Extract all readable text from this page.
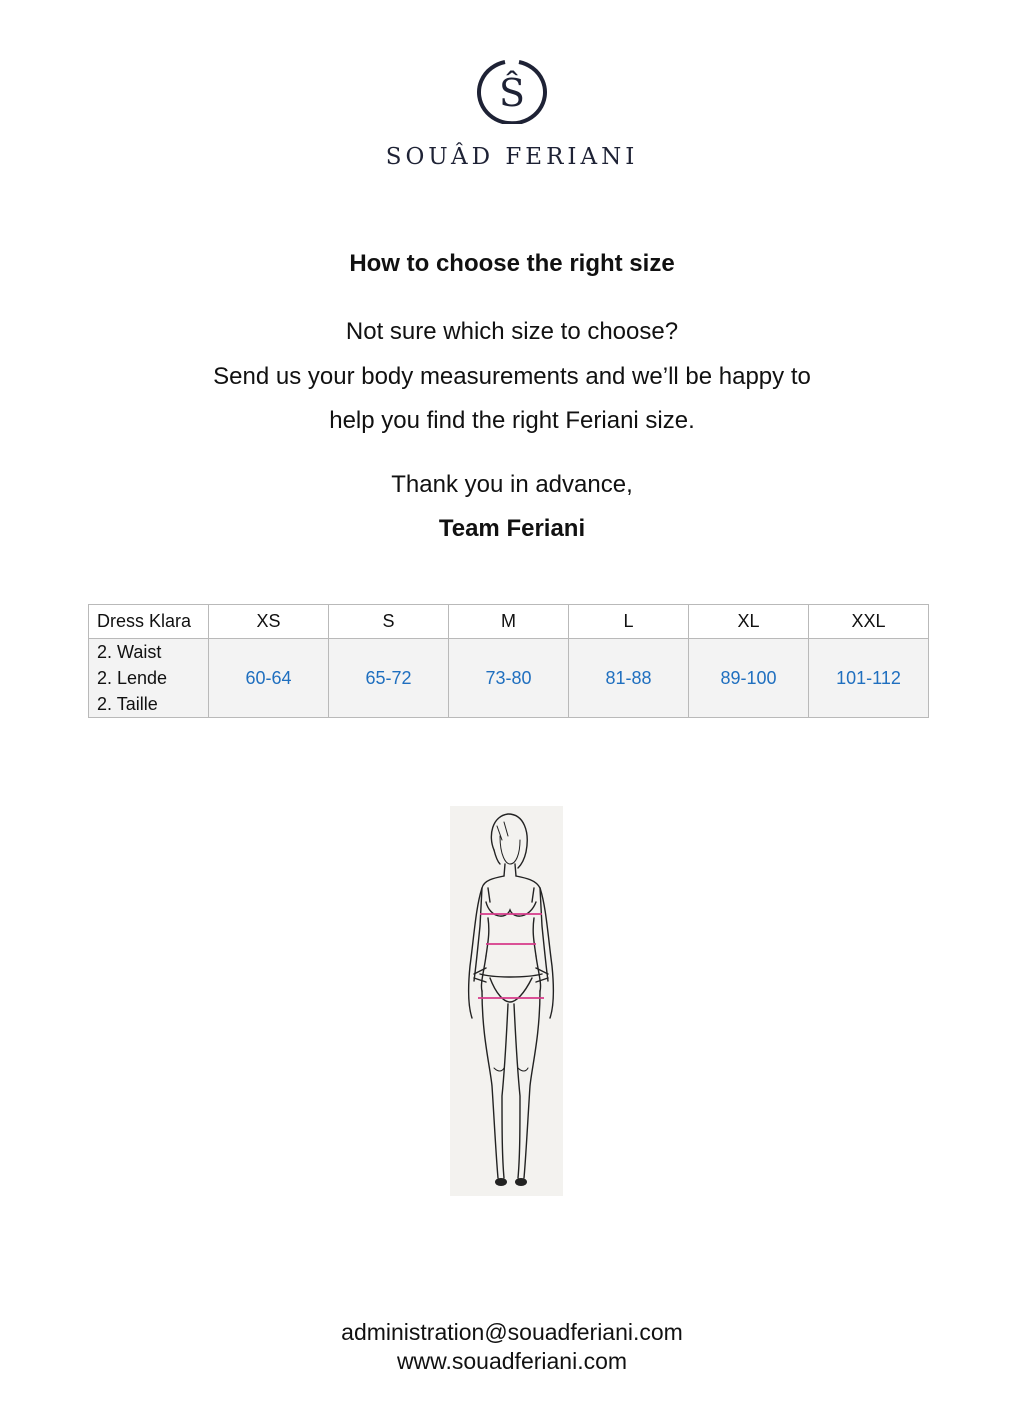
Ŝ
SOUÂD FERIANI
How to choose the right size
Not sure which size to choose?
Send us your body measurements and we’ll be happy to
help you find the right Feriani size.
Thank you in advance,
Team Feriani
Dress Klara	XS	S	M	L	XL	XXL

2. Waist
2. Lende
2. Taille	60-64	65-72	73-80	81-88	89-100	101-112
administration@souadferiani.com
www.souadferiani.com
